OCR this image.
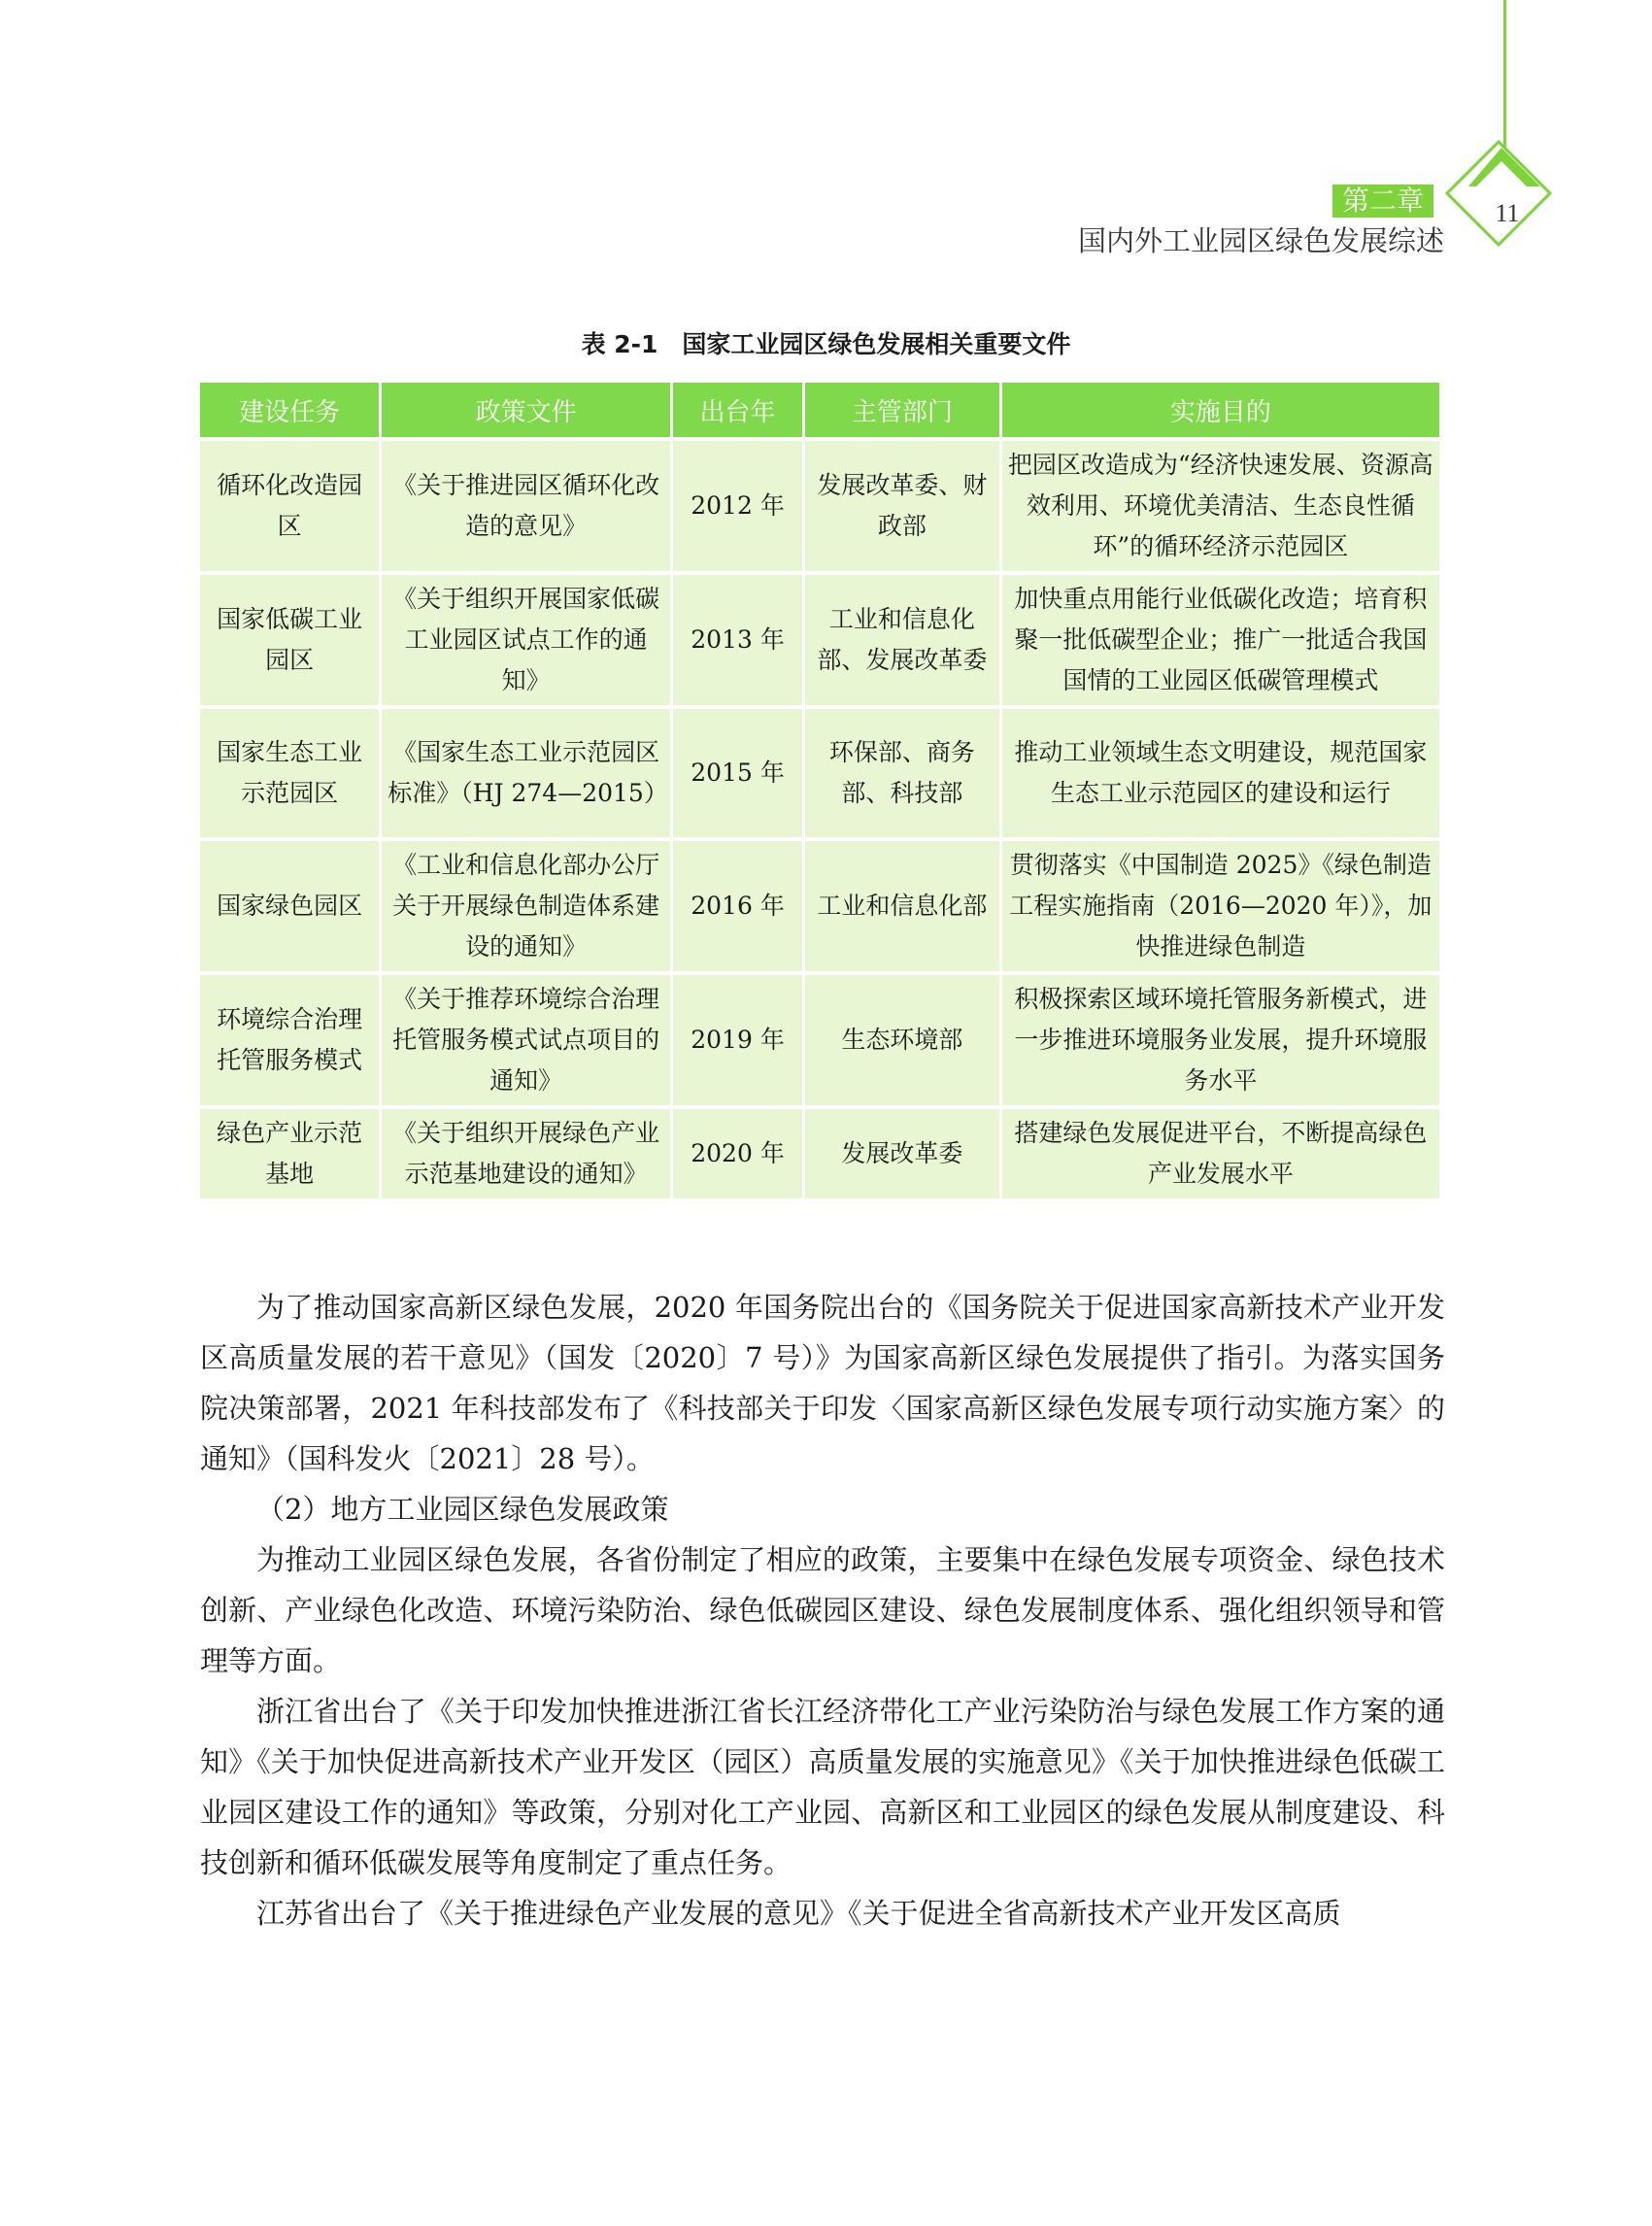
11
第二章
国内外工业园区绿色发展综述
表 2-1　国家工业园区绿色发展相关重要文件
建设任务	政策文件	出台年	主管部门	实施目的
循环化改造园区	《关于推进园区循环化改造的意见》	2012 年	发展改革委、财政部	把园区改造成为“经济快速发展、资源高效利用、环境优美清洁、生态良性循环”的循环经济示范园区
国家低碳工业园区	《关于组织开展国家低碳工业园区试点工作的通知》	2013 年	工业和信息化部、发展改革委	加快重点用能行业低碳化改造；培育积聚一批低碳型企业；推广一批适合我国国情的工业园区低碳管理模式
国家生态工业示范园区	《国家生态工业示范园区标准》（HJ 274—2015）	2015 年	环保部、商务部、科技部	推动工业领域生态文明建设，规范国家生态工业示范园区的建设和运行
国家绿色园区	《工业和信息化部办公厅关于开展绿色制造体系建设的通知》	2016 年	工业和信息化部	贯彻落实《中国制造 2025》《绿色制造工程实施指南（2016—2020 年）》，加快推进绿色制造
环境综合治理托管服务模式	《关于推荐环境综合治理托管服务模式试点项目的通知》	2019 年	生态环境部	积极探索区域环境托管服务新模式，进一步推进环境服务业发展，提升环境服务水平
绿色产业示范基地	《关于组织开展绿色产业示范基地建设的通知》	2020 年	发展改革委	搭建绿色发展促进平台，不断提高绿色产业发展水平

为了推动国家高新区绿色发展，2020 年国务院出台的《国务院关于促进国家高新技术产业开发区高质量发展的若干意见》（国发〔2020〕7 号）》为国家高新区绿色发展提供了指引。为落实国务院决策部署，2021 年科技部发布了《科技部关于印发〈国家高新区绿色发展专项行动实施方案〉的通知》（国科发火〔2021〕28 号）。

（2）地方工业园区绿色发展政策

为推动工业园区绿色发展，各省份制定了相应的政策，主要集中在绿色发展专项资金、绿色技术创新、产业绿色化改造、环境污染防治、绿色低碳园区建设、绿色发展制度体系、强化组织领导和管理等方面。

浙江省出台了《关于印发加快推进浙江省长江经济带化工产业污染防治与绿色发展工作方案的通知》《关于加快促进高新技术产业开发区（园区）高质量发展的实施意见》《关于加快推进绿色低碳工业园区建设工作的通知》等政策，分别对化工产业园、高新区和工业园区的绿色发展从制度建设、科技创新和循环低碳发展等角度制定了重点任务。

江苏省出台了《关于推进绿色产业发展的意见》《关于促进全省高新技术产业开发区高质
